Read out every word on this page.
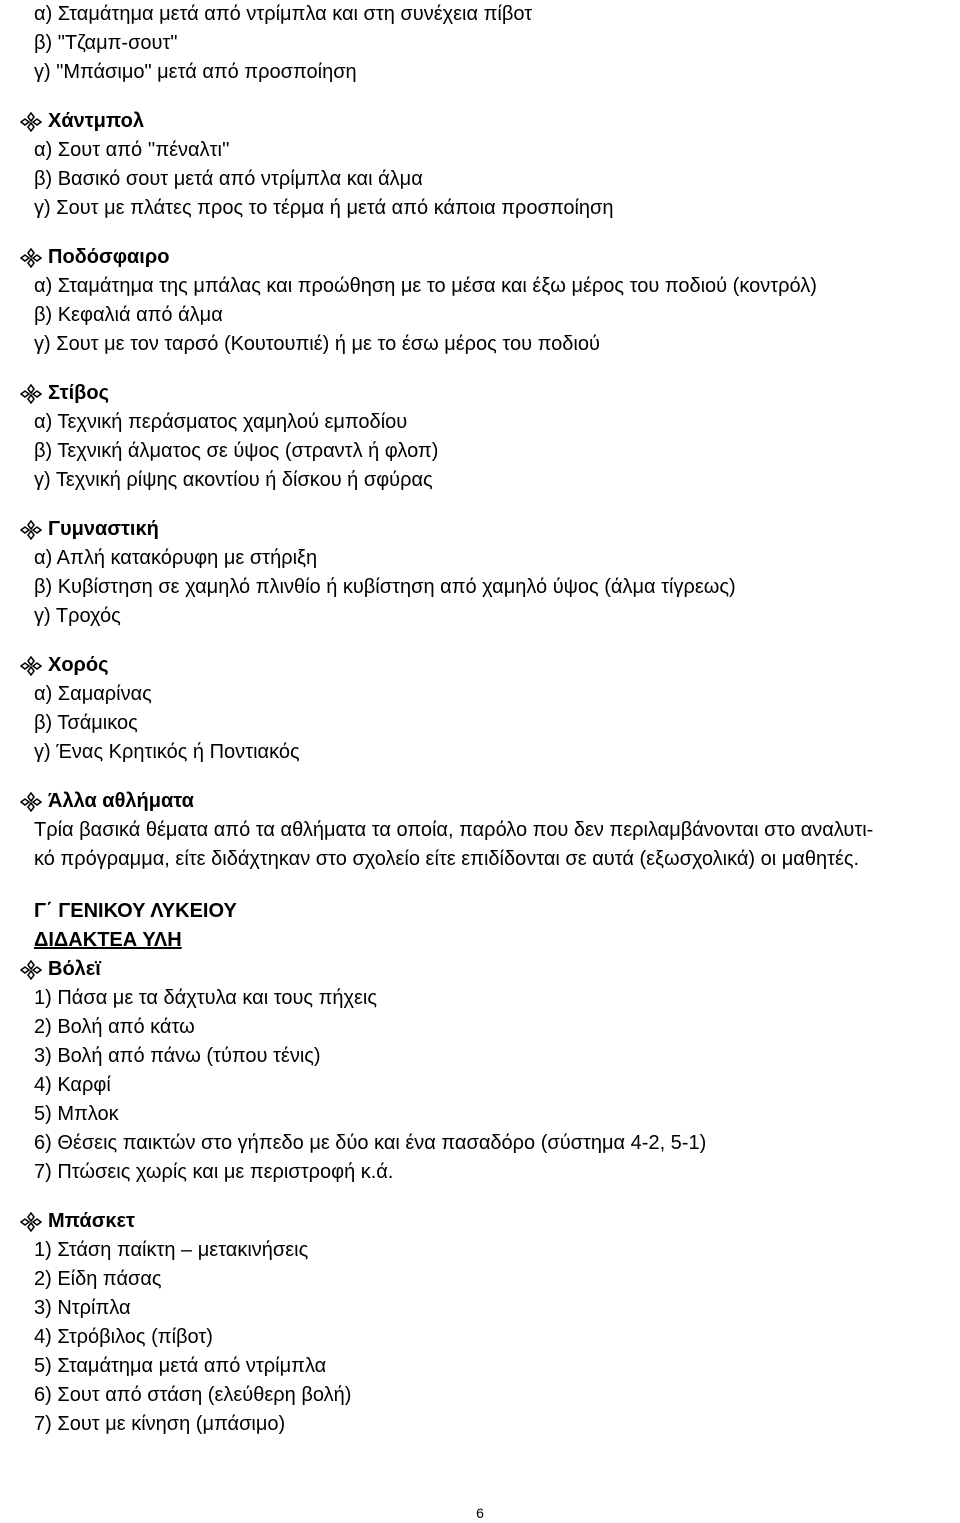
α) Σταμάτημα μετά από ντρίμπλα και στη συνέχεια πίβοτ
β) "Τζαμπ-σουτ"
γ) "Μπάσιμο" μετά από προσποίηση
Χάντμπολ
α) Σουτ από ''πέναλτι''
β) Βασικό σουτ μετά από ντρίμπλα και άλμα
γ) Σουτ με πλάτες προς το τέρμα ή μετά από κάποια προσποίηση
Ποδόσφαιρο
α) Σταμάτημα της μπάλας και προώθηση με το μέσα και έξω μέρος του ποδιού (κοντρόλ)
β) Κεφαλιά από άλμα
γ) Σουτ με τον ταρσό (Κουτουπιέ) ή με το έσω μέρος του ποδιού
Στίβος
α) Τεχνική περάσματος χαμηλού εμποδίου
β) Τεχνική άλματος σε ύψος (στραντλ ή φλοπ)
γ) Τεχνική ρίψης ακοντίου ή δίσκου ή σφύρας
Γυμναστική
α) Απλή κατακόρυφη με στήριξη
β) Κυβίστηση σε χαμηλό πλινθίο ή κυβίστηση από χαμηλό ύψος (άλμα τίγρεως)
γ) Τροχός
Χορός
α) Σαμαρίνας
β) Τσάμικος
γ) Ένας Κρητικός ή Ποντιακός
Άλλα αθλήματα
Τρία βασικά θέματα από τα αθλήματα τα οποία, παρόλο που δεν περιλαμβάνονται στο αναλυτι-
κό πρόγραμμα, είτε διδάχτηκαν στο σχολείο είτε επιδίδονται σε αυτά (εξωσχολικά) οι μαθητές.
Γ΄ ΓΕΝΙΚΟΥ ΛΥΚΕΙΟΥ
ΔΙΔΑΚΤΕΑ ΥΛΗ
Βόλεϊ
1) Πάσα με τα δάχτυλα και τους πήχεις
2) Βολή από κάτω
3) Βολή από πάνω (τύπου τένις)
4) Καρφί
5) Μπλοκ
6) Θέσεις παικτών στο γήπεδο με δύο και ένα πασαδόρο (σύστημα 4-2, 5-1)
7) Πτώσεις χωρίς και με περιστροφή κ.ά.
Μπάσκετ
1) Στάση παίκτη – μετακινήσεις
2) Είδη πάσας
3) Ντρίπλα
4) Στρόβιλος (πίβοτ)
5) Σταμάτημα μετά από ντρίμπλα
6) Σουτ από στάση (ελεύθερη βολή)
7) Σουτ με κίνηση (μπάσιμο)
6
